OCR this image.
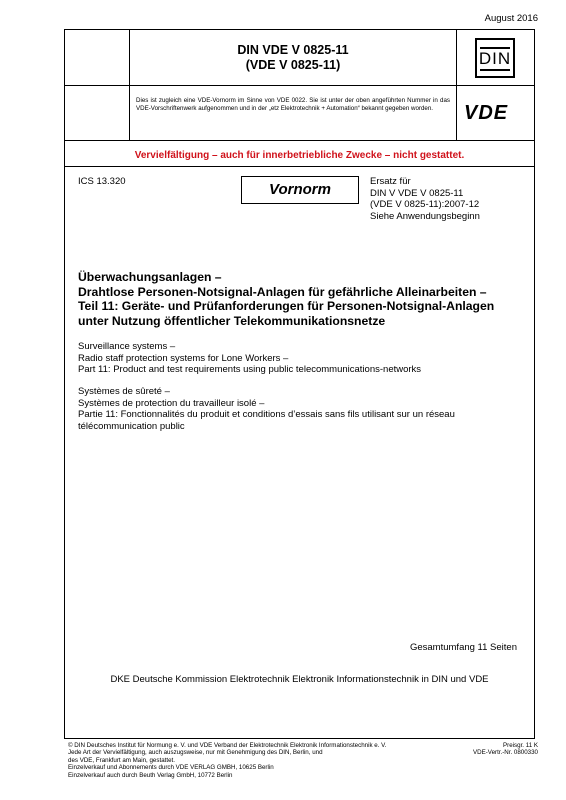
August 2016
DIN VDE V 0825-11
(VDE V 0825-11)	DIN
Dies ist zugleich eine VDE-Vornorm im Sinne von VDE 0022. Sie ist unter der oben angeführten Nummer in das VDE-Vorschriftenwerk aufgenommen und in der „etz Elektrotechnik + Automation“ bekannt gegeben worden.	VDE
Vervielfältigung – auch für innerbetriebliche Zwecke – nicht gestattet.
ICS 13.320	Vornorm	Ersatz für
DIN V VDE V 0825-11
(VDE V 0825-11):2007-12
Siehe Anwendungsbeginn
Überwachungsanlagen –
Drahtlose Personen-Notsignal-Anlagen für gefährliche Alleinarbeiten –
Teil 11: Geräte- und Prüfanforderungen für Personen-Notsignal-Anlagen
unter Nutzung öffentlicher Telekommunikationsnetze
Surveillance systems –
Radio staff protection systems for Lone Workers –
Part 11: Product and test requirements using public telecommunications-networks
Systèmes de sûreté –
Systèmes de protection du travailleur isolé –
Partie 11: Fonctionnalités du produit et conditions d’essais sans fils utilisant sur un réseau
télécommunication public
Gesamtumfang 11 Seiten
DKE Deutsche Kommission Elektrotechnik Elektronik Informationstechnik in DIN und VDE
© DIN Deutsches Institut für Normung e. V. und VDE Verband der Elektrotechnik Elektronik Informationstechnik e. V.
Jede Art der Vervielfältigung, auch auszugsweise, nur mit Genehmigung des DIN, Berlin, und
des VDE, Frankfurt am Main, gestattet.
Einzelverkauf und Abonnements durch VDE VERLAG GMBH, 10625 Berlin
Einzelverkauf auch durch Beuth Verlag GmbH, 10772 Berlin
Preisgr. 11 K
VDE-Vertr.-Nr. 0800330
